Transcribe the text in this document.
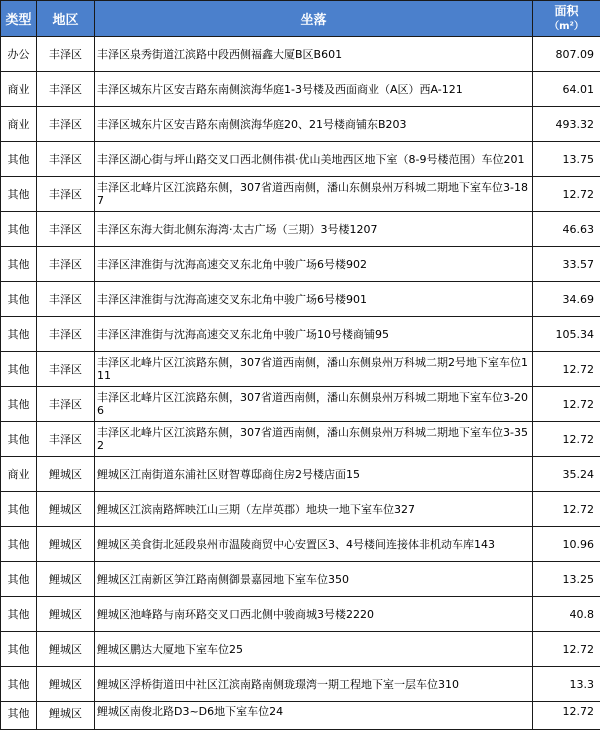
类型	地区	坐落	面积
（m²）
办公	丰泽区	丰泽区泉秀街道江滨路中段西侧福鑫大厦B区B601	807.09
商业	丰泽区	丰泽区城东片区安吉路东南侧滨海华庭1-3号楼及西面商业（A区）西A-121	64.01
商业	丰泽区	丰泽区城东片区安吉路东南侧滨海华庭20、21号楼商铺东B203	493.32
其他	丰泽区	丰泽区湖心街与坪山路交叉口西北侧伟祺·优山美地西区地下室（8-9号楼范围）车位201	13.75
其他	丰泽区	丰泽区北峰片区江滨路东侧，307省道西南侧，潘山东侧泉州万科城二期地下室车位3-187	12.72
其他	丰泽区	丰泽区东海大街北侧东海湾·太古广场（三期）3号楼1207	46.63
其他	丰泽区	丰泽区津淮街与沈海高速交叉东北角中骏广场6号楼902	33.57
其他	丰泽区	丰泽区津淮街与沈海高速交叉东北角中骏广场6号楼901	34.69
其他	丰泽区	丰泽区津淮街与沈海高速交叉东北角中骏广场10号楼商铺95	105.34
其他	丰泽区	丰泽区北峰片区江滨路东侧，307省道西南侧，潘山东侧泉州万科城二期2号地下室车位111	12.72
其他	丰泽区	丰泽区北峰片区江滨路东侧，307省道西南侧，潘山东侧泉州万科城二期地下室车位3-206	12.72
其他	丰泽区	丰泽区北峰片区江滨路东侧，307省道西南侧，潘山东侧泉州万科城二期地下室车位3-352	12.72
商业	鲤城区	鲤城区江南街道东浦社区财智尊邸商住房2号楼店面15	35.24
其他	鲤城区	鲤城区江滨南路辉映江山三期（左岸英郡）地块一地下室车位327	12.72
其他	鲤城区	鲤城区美食街北延段泉州市温陵商贸中心安置区3、4号楼间连接体非机动车库143	10.96
其他	鲤城区	鲤城区江南新区笋江路南侧御景嘉园地下室车位350	13.25
其他	鲤城区	鲤城区池峰路与南环路交叉口西北侧中骏商城3号楼2220	40.8
其他	鲤城区	鲤城区鹏达大厦地下室车位25	12.72
其他	鲤城区	鲤城区浮桥街道田中社区江滨南路南侧珑璟湾一期工程地下室一层车位310	13.3
其他	鲤城区	鲤城区南俊北路D3~D6地下室车位24	12.72
